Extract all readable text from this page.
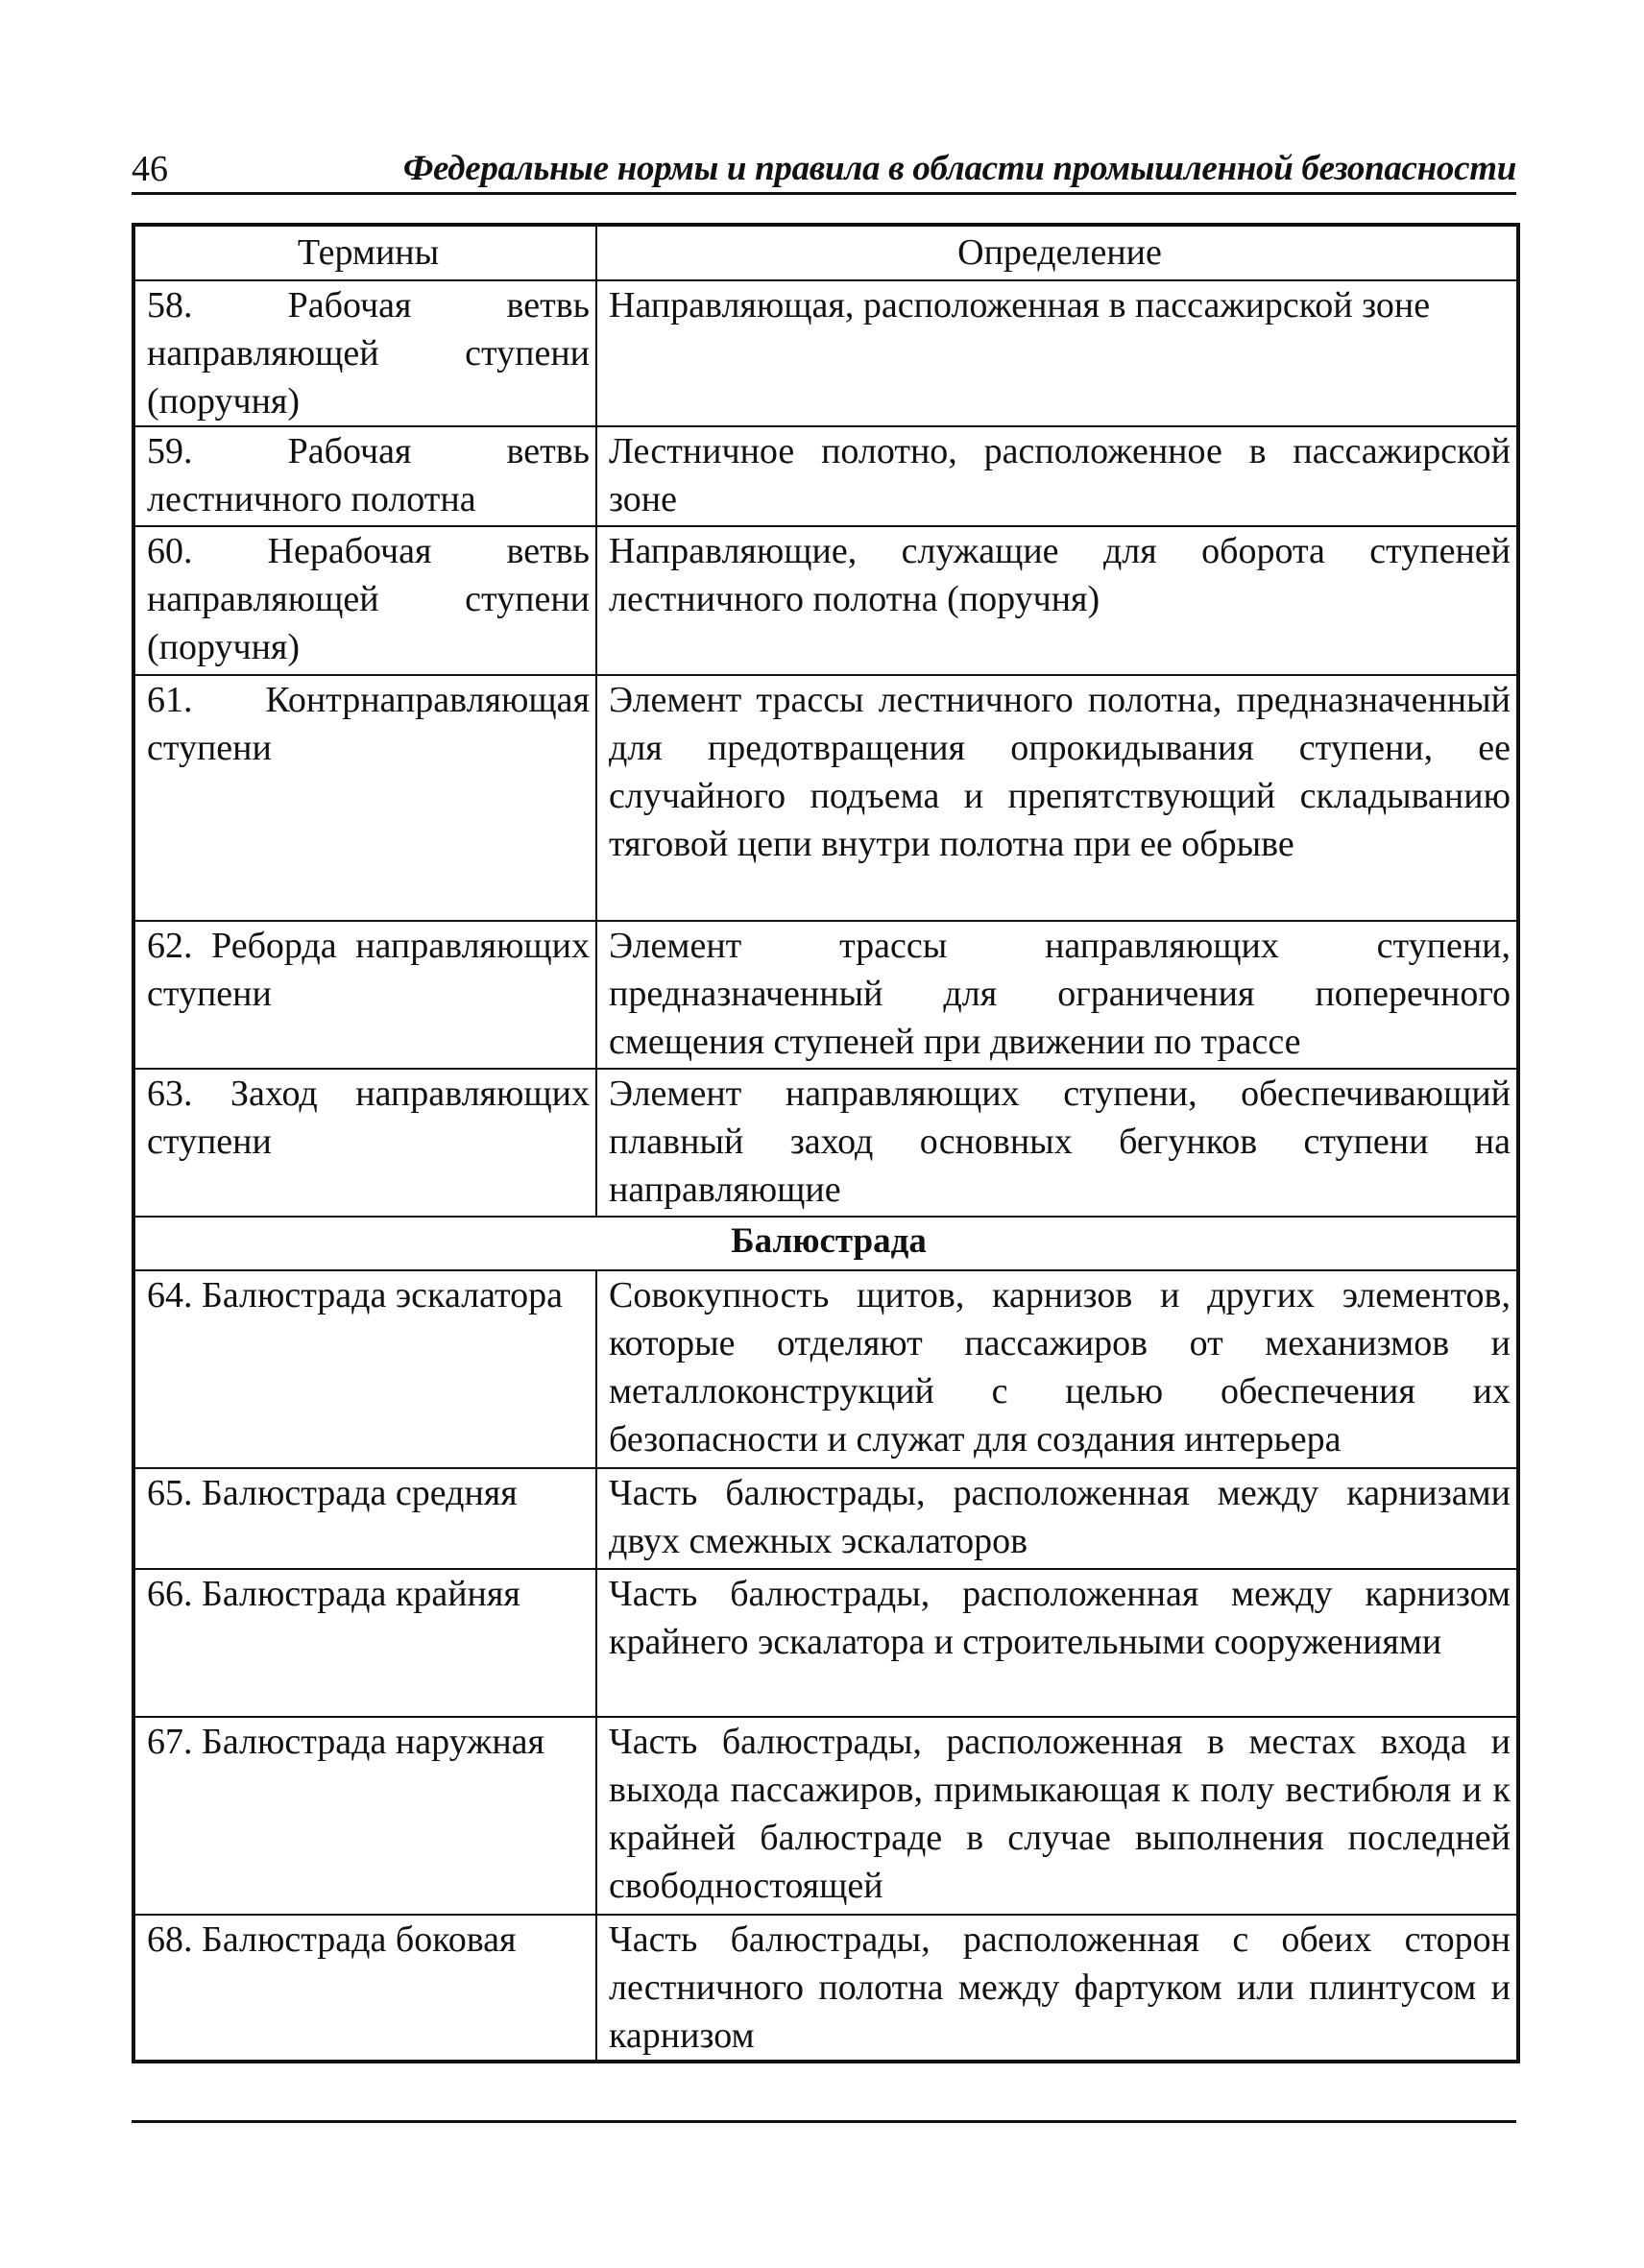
46	Федеральные нормы и правила в области промышленной безопасности
Термины	Определение
58. Рабочая ветвь направляющей ступени (поручня)	Направляющая, расположенная в пассажирской зоне
59. Рабочая ветвь лестничного полотна	Лестничное полотно, расположенное в пассажирской зоне
60. Нерабочая ветвь направляющей ступени (поручня)	Направляющие, служащие для оборота ступеней лестничного полотна (поручня)
61. Контрнаправляющая ступени	Элемент трассы лестничного полотна, предназначенный для предотвращения опрокидывания ступени, ее случайного подъема и препятствующий складыванию тяговой цепи внутри полотна при ее обрыве
62. Реборда направляющих ступени	Элемент трассы направляющих ступени, предназначенный для ограничения поперечного смещения ступеней при движении по трассе
63. Заход направляющих ступени	Элемент направляющих ступени, обеспечивающий плавный заход основных бегунков ступени на направляющие
Балюстрада	
64. Балюстрада эскалатора	Совокупность щитов, карнизов и других элементов, которые отделяют пассажиров от механизмов и металлоконструкций с целью обеспечения их безопасности и служат для создания интерьера
65. Балюстрада средняя	Часть балюстрады, расположенная между карнизами двух смежных эскалаторов
66. Балюстрада крайняя	Часть балюстрады, расположенная между карнизом крайнего эскалатора и строительными сооружениями
67. Балюстрада наружная	Часть балюстрады, расположенная в местах входа и выхода пассажиров, примыкающая к полу вестибюля и к крайней балюстраде в случае выполнения последней свободностоящей
68. Балюстрада боковая	Часть балюстрады, расположенная с обеих сторон лестничного полотна между фартуком или плинтусом и карнизом
